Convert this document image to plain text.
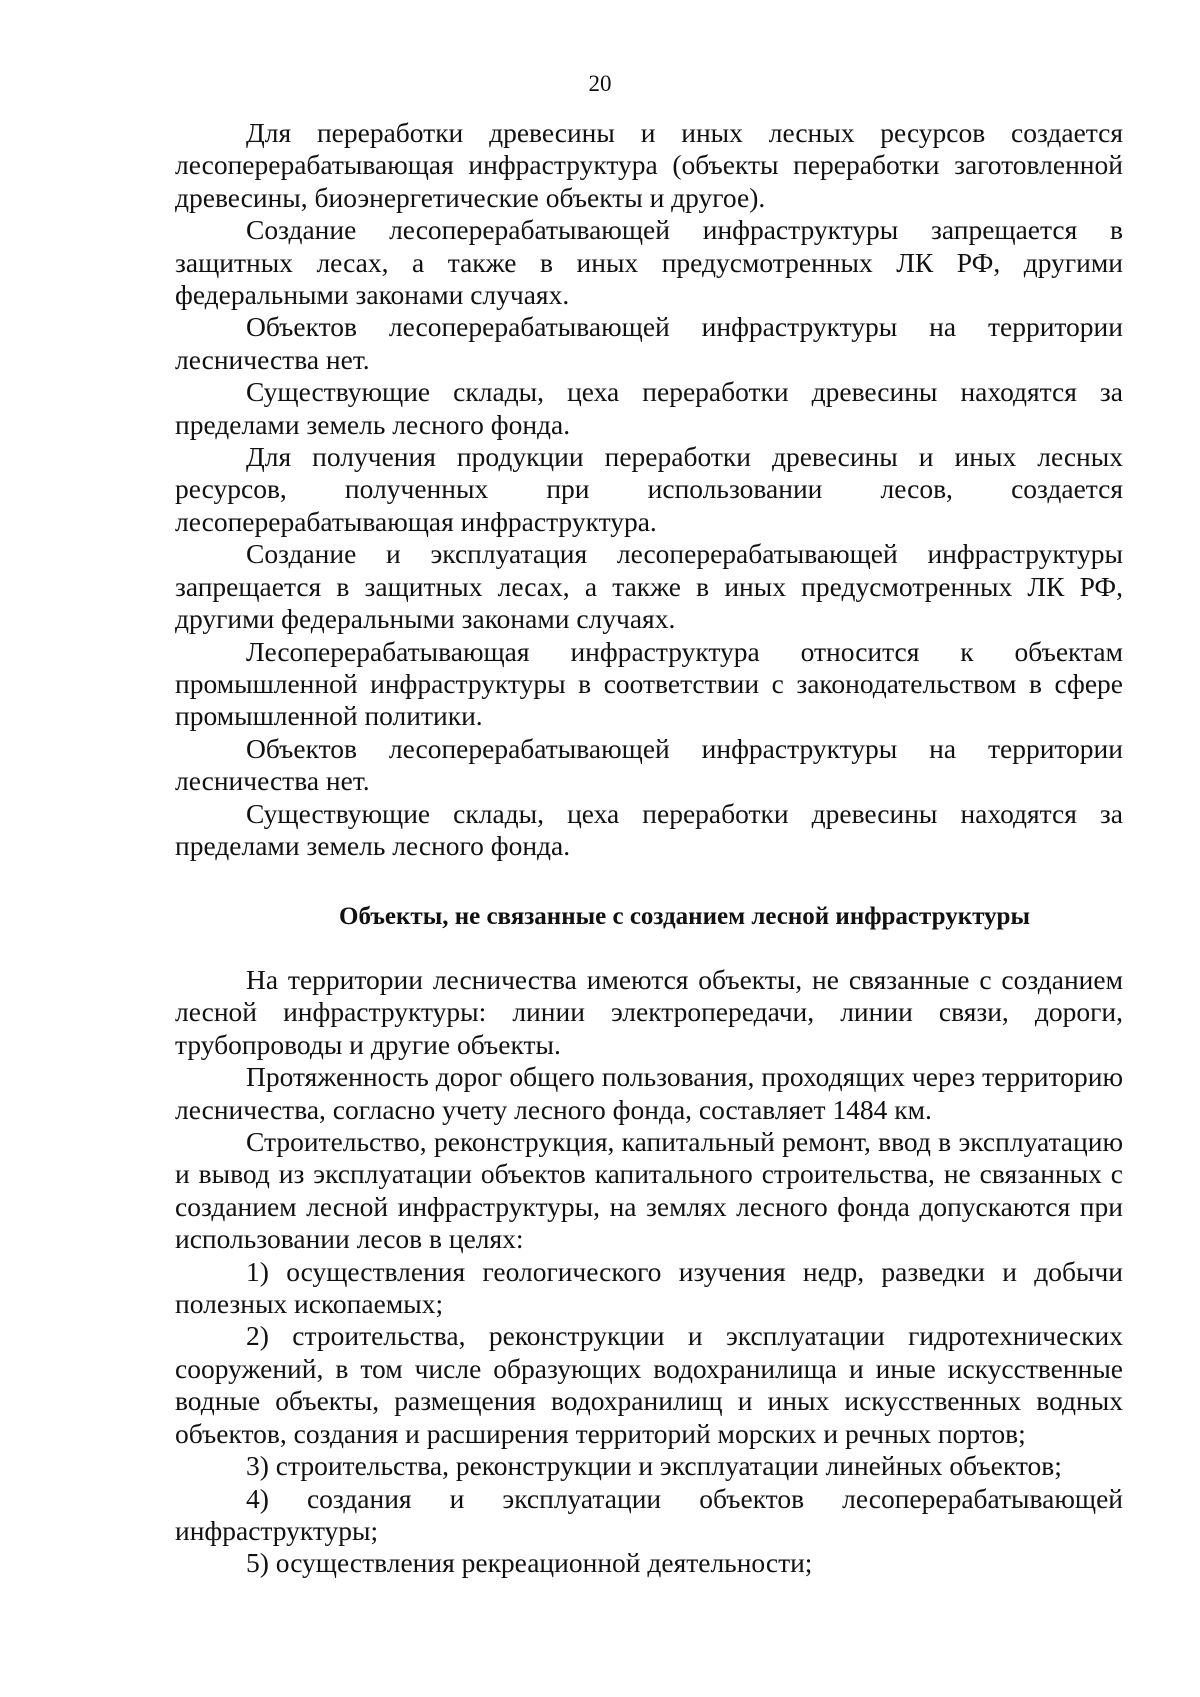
20

Для переработки древесины и иных лесных ресурсов создается лесоперерабатывающая инфраструктура (объекты переработки заготовленной древесины, биоэнергетические объекты и другое).

Создание лесоперерабатывающей инфраструктуры запрещается в защитных лесах, а также в иных предусмотренных ЛК РФ, другими федеральными законами случаях.

Объектов лесоперерабатывающей инфраструктуры на территории лесничества нет.

Существующие склады, цеха переработки древесины находятся за пределами земель лесного фонда.

Для получения продукции переработки древесины и иных лесных ресурсов, полученных при использовании лесов, создается лесоперерабатывающая инфраструктура.

Создание и эксплуатация лесоперерабатывающей инфраструктуры запрещается в защитных лесах, а также в иных предусмотренных ЛК РФ, другими федеральными законами случаях.

Лесоперерабатывающая инфраструктура относится к объектам промышленной инфраструктуры в соответствии с законодательством в сфере промышленной политики.

Объектов лесоперерабатывающей инфраструктуры на территории лесничества нет.

Существующие склады, цеха переработки древесины находятся за пределами земель лесного фонда.

Объекты, не связанные с созданием лесной инфраструктуры

На территории лесничества имеются объекты, не связанные с созданием лесной инфраструктуры: линии электропередачи, линии связи, дороги, трубопроводы и другие объекты.

Протяженность дорог общего пользования, проходящих через территорию лесничества, согласно учету лесного фонда, составляет 1484 км.

Строительство, реконструкция, капитальный ремонт, ввод в эксплуатацию и вывод из эксплуатации объектов капитального строительства, не связанных с созданием лесной инфраструктуры, на землях лесного фонда допускаются при использовании лесов в целях:

1) осуществления геологического изучения недр, разведки и добычи полезных ископаемых;

2) строительства, реконструкции и эксплуатации гидротехнических сооружений, в том числе образующих водохранилища и иные искусственные водные объекты, размещения водохранилищ и иных искусственных водных объектов, создания и расширения территорий морских и речных портов;

3) строительства, реконструкции и эксплуатации линейных объектов;

4) создания и эксплуатации объектов лесоперерабатывающей инфраструктуры;

5) осуществления рекреационной деятельности;
